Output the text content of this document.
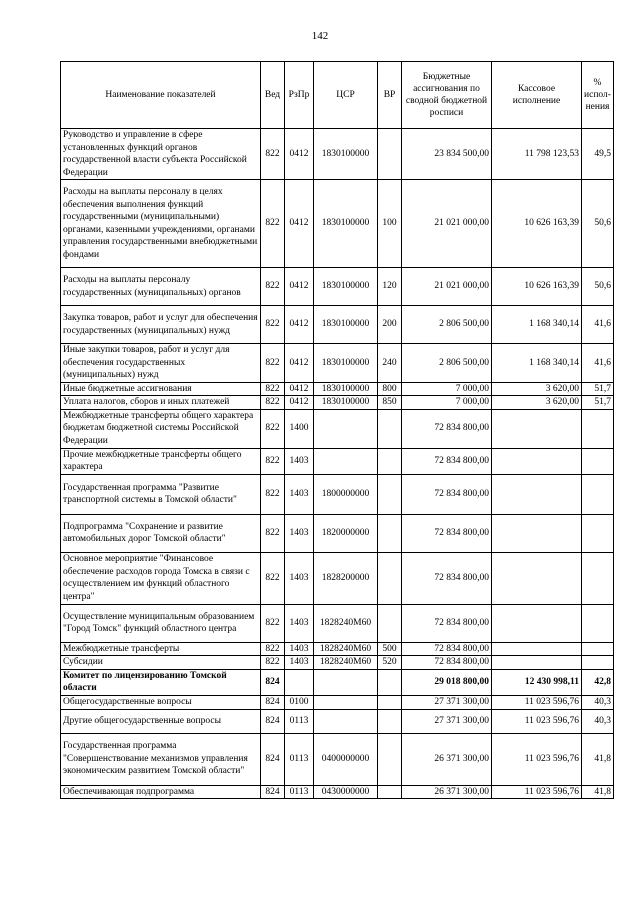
142
Наименование показателей	Вед	РзПр	ЦСР	ВР	Бюджетные ассигнования по сводной бюджетной росписи	Кассовое исполнение	% испол-нения
Руководство и управление в сфере установленных функций органов государственной власти субъекта Российской Федерации	822	0412	1830100000		23 834 500,00	11 798 123,53	49,5
Расходы на выплаты персоналу в целях обеспечения выполнения функций государственными (муниципальными) органами, казенными учреждениями, органами управления государственными внебюджетными фондами	822	0412	1830100000	100	21 021 000,00	10 626 163,39	50,6
Расходы на выплаты персоналу государственных (муниципальных) органов	822	0412	1830100000	120	21 021 000,00	10 626 163,39	50,6
Закупка товаров, работ и услуг для обеспечения государственных (муниципальных) нужд	822	0412	1830100000	200	2 806 500,00	1 168 340,14	41,6
Иные закупки товаров, работ и услуг для обеспечения государственных (муниципальных) нужд	822	0412	1830100000	240	2 806 500,00	1 168 340,14	41,6
Иные бюджетные ассигнования	822	0412	1830100000	800	7 000,00	3 620,00	51,7
Уплата налогов, сборов и иных платежей	822	0412	1830100000	850	7 000,00	3 620,00	51,7
Межбюджетные трансферты общего характера бюджетам бюджетной системы Российской Федерации	822	1400			72 834 800,00		
Прочие межбюджетные трансферты общего характера	822	1403			72 834 800,00		
Государственная программа "Развитие транспортной системы в Томской области"	822	1403	1800000000		72 834 800,00		
Подпрограмма "Сохранение и развитие автомобильных дорог Томской области"	822	1403	1820000000		72 834 800,00		
Основное мероприятие "Финансовое обеспечение расходов города Томска в связи с осуществлением им функций областного центра"	822	1403	1828200000		72 834 800,00		
Осуществление муниципальным образованием "Город Томск" функций областного центра	822	1403	1828240M60		72 834 800,00		
Межбюджетные трансферты	822	1403	1828240M60	500	72 834 800,00		
Субсидии	822	1403	1828240M60	520	72 834 800,00		
Комитет по лицензированию Томской области	824				29 018 800,00	12 430 998,11	42,8
Общегосударственные вопросы	824	0100			27 371 300,00	11 023 596,76	40,3
Другие общегосударственные вопросы	824	0113			27 371 300,00	11 023 596,76	40,3
Государственная программа "Совершенствование механизмов управления экономическим развитием Томской области"	824	0113	0400000000		26 371 300,00	11 023 596,76	41,8
Обеспечивающая подпрограмма	824	0113	0430000000		26 371 300,00	11 023 596,76	41,8
